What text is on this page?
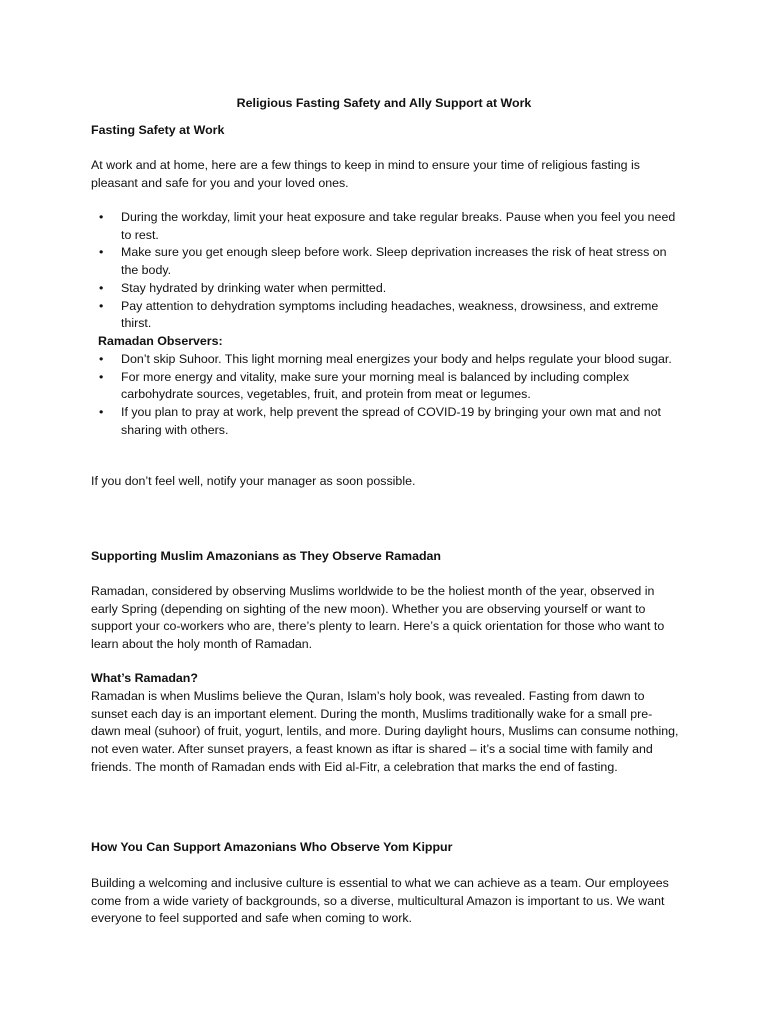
Religious Fasting Safety and Ally Support at Work

Fasting Safety at Work

At work and at home, here are a few things to keep in mind to ensure your time of religious fasting is pleasant and safe for you and your loved ones.

• During the workday, limit your heat exposure and take regular breaks. Pause when you feel you need to rest.
• Make sure you get enough sleep before work. Sleep deprivation increases the risk of heat stress on the body.
• Stay hydrated by drinking water when permitted.
• Pay attention to dehydration symptoms including headaches, weakness, drowsiness, and extreme thirst.

Ramadan Observers:

• Don’t skip Suhoor. This light morning meal energizes your body and helps regulate your blood sugar.
• For more energy and vitality, make sure your morning meal is balanced by including complex carbohydrate sources, vegetables, fruit, and protein from meat or legumes.
• If you plan to pray at work, help prevent the spread of COVID-19 by bringing your own mat and not sharing with others.

If you don’t feel well, notify your manager as soon possible.

Supporting Muslim Amazonians as They Observe Ramadan

Ramadan, considered by observing Muslims worldwide to be the holiest month of the year, observed in early Spring (depending on sighting of the new moon). Whether you are observing yourself or want to support your co-workers who are, there’s plenty to learn. Here’s a quick orientation for those who want to learn about the holy month of Ramadan.

What’s Ramadan?

Ramadan is when Muslims believe the Quran, Islam’s holy book, was revealed. Fasting from dawn to sunset each day is an important element. During the month, Muslims traditionally wake for a small pre-dawn meal (suhoor) of fruit, yogurt, lentils, and more. During daylight hours, Muslims can consume nothing, not even water. After sunset prayers, a feast known as iftar is shared – it’s a social time with family and friends. The month of Ramadan ends with Eid al-Fitr, a celebration that marks the end of fasting.

How You Can Support Amazonians Who Observe Yom Kippur

Building a welcoming and inclusive culture is essential to what we can achieve as a team. Our employees come from a wide variety of backgrounds, so a diverse, multicultural Amazon is important to us. We want everyone to feel supported and safe when coming to work.
